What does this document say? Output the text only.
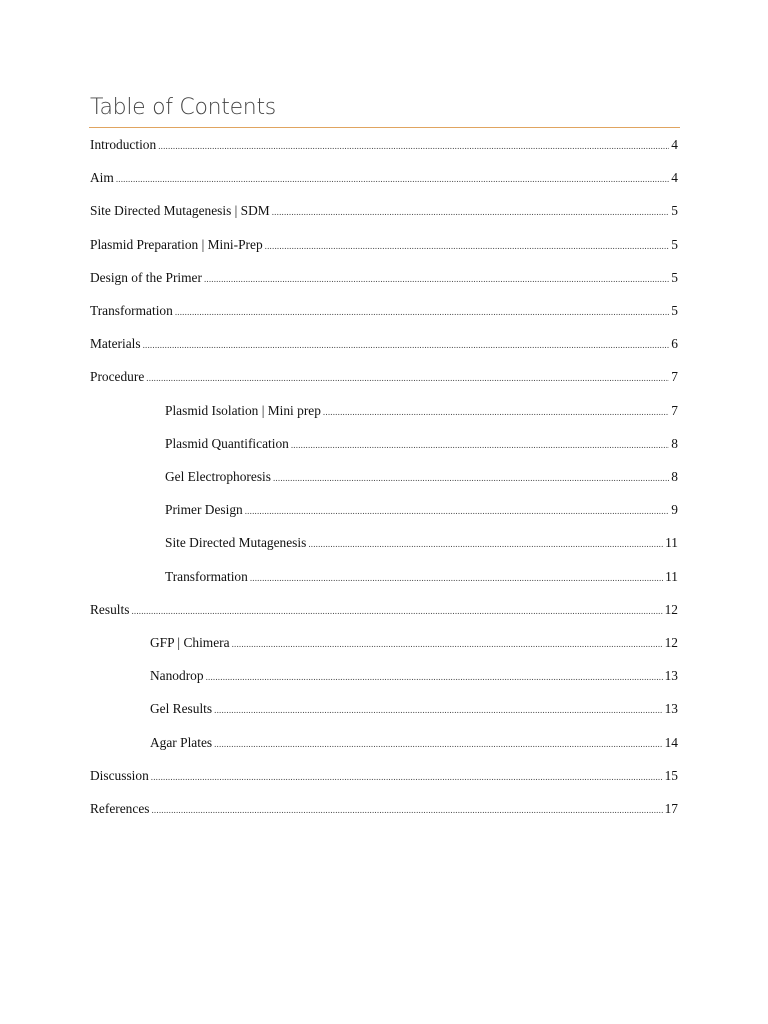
Table of Contents
Introduction .....	4
Aim .....	4
Site Directed Mutagenesis | SDM .....	5
Plasmid Preparation | Mini-Prep .....	5
Design of the Primer .....	5
Transformation .....	5
Materials .....	6
Procedure .....	7
Plasmid Isolation | Mini prep .....	7
Plasmid Quantification .....	8
Gel Electrophoresis .....	8
Primer Design .....	9
Site Directed Mutagenesis .....	11
Transformation .....	11
Results .....	12
GFP | Chimera .....	12
Nanodrop .....	13
Gel Results .....	13
Agar Plates .....	14
Discussion .....	15
References .....	17
